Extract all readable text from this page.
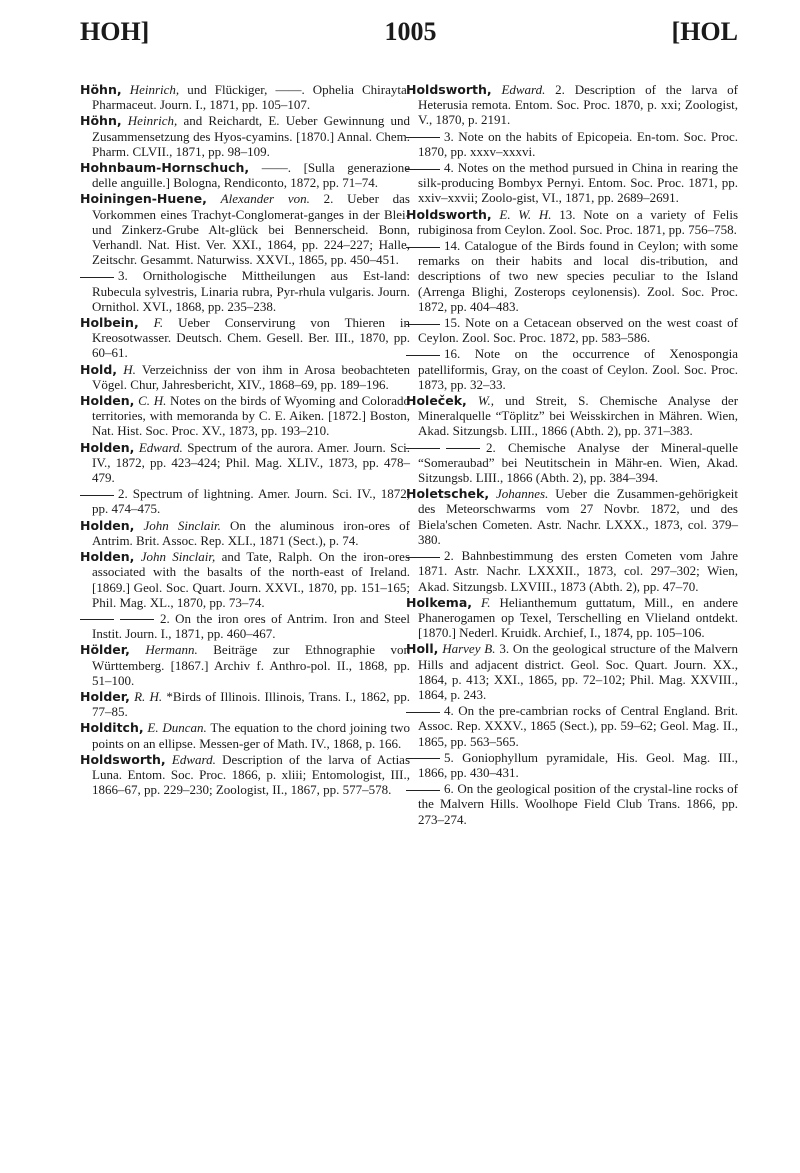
HOH]	1005	[HOL
Höhn, Heinrich, und Flückiger, ——. Ophelia Chirayta. Pharmaceut. Journ. I., 1871, pp. 105–107.
Höhn, Heinrich, and Reichardt, E. Ueber Gewinnung und Zusammensetzung des Hyos-cyamins. [1870.] Annal. Chem. Pharm. CLVII., 1871, pp. 98–109.
Hohnbaum-Hornschuch, ——. [Sulla generazione delle anguille.] Bologna, Rendiconto, 1872, pp. 71–74.
Hoiningen-Huene, Alexander von. 2. Ueber das Vorkommen eines Trachyt-Conglomerat-ganges in der Blei- und Zinkerz-Grube Alt-glück bei Bennerscheid. Bonn, Verhandl. Nat. Hist. Ver. XXI., 1864, pp. 224–227; Halle, Zeitschr. Gesammt. Naturwiss. XXVI., 1865, pp. 450–451.
3. Ornithologische Mittheilungen aus Est-land: Rubecula sylvestris, Linaria rubra, Pyr-rhula vulgaris. Journ. Ornithol. XVI., 1868, pp. 235–238.
Holbein, F. Ueber Conservirung von Thieren in Kreosotwasser. Deutsch. Chem. Gesell. Ber. III., 1870, pp. 60–61.
Hold, H. Verzeichniss der von ihm in Arosa beobachteten Vögel. Chur, Jahresbericht, XIV., 1868–69, pp. 189–196.
Holden, C. H. Notes on the birds of Wyoming and Colorado territories, with memoranda by C. E. Aiken. [1872.] Boston, Nat. Hist. Soc. Proc. XV., 1873, pp. 193–210.
Holden, Edward. Spectrum of the aurora. Amer. Journ. Sci. IV., 1872, pp. 423–424; Phil. Mag. XLIV., 1873, pp. 478–479.
2. Spectrum of lightning. Amer. Journ. Sci. IV., 1872, pp. 474–475.
Holden, John Sinclair. On the aluminous iron-ores of Antrim. Brit. Assoc. Rep. XLI., 1871 (Sect.), p. 74.
Holden, John Sinclair, and Tate, Ralph. On the iron-ores associated with the basalts of the north-east of Ireland. [1869.] Geol. Soc. Quart. Journ. XXVI., 1870, pp. 151–165; Phil. Mag. XL., 1870, pp. 73–74.
2. On the iron ores of Antrim. Iron and Steel Instit. Journ. I., 1871, pp. 460–467.
Hölder, Hermann. Beiträge zur Ethnographie von Württemberg. [1867.] Archiv f. Anthro-pol. II., 1868, pp. 51–100.
Holder, R. H. *Birds of Illinois. Illinois, Trans. I., 1862, pp. 77–85.
Holditch, E. Duncan. The equation to the chord joining two points on an ellipse. Messen-ger of Math. IV., 1868, p. 166.
Holdsworth, Edward. Description of the larva of Actias Luna. Entom. Soc. Proc. 1866, p. xliii; Entomologist, III., 1866–67, pp. 229–230; Zoologist, II., 1867, pp. 577–578.
Holdsworth, Edward. 2. Description of the larva of Heterusia remota. Entom. Soc. Proc. 1870, p. xxi; Zoologist, V., 1870, p. 2191.
3. Note on the habits of Epicopeia. En-tom. Soc. Proc. 1870, pp. xxxv–xxxvi.
4. Notes on the method pursued in China in rearing the silk-producing Bombyx Pernyi. Entom. Soc. Proc. 1871, pp. xxiv–xxvii; Zoolo-gist, VI., 1871, pp. 2689–2691.
Holdsworth, E. W. H. 13. Note on a variety of Felis rubiginosa from Ceylon. Zool. Soc. Proc. 1871, pp. 756–758.
14. Catalogue of the Birds found in Ceylon; with some remarks on their habits and local dis-tribution, and descriptions of two new species peculiar to the Island (Arrenga Blighi, Zosterops ceylonensis). Zool. Soc. Proc. 1872, pp. 404–483.
15. Note on a Cetacean observed on the west coast of Ceylon. Zool. Soc. Proc. 1872, pp. 583–586.
16. Note on the occurrence of Xenospongia patelliformis, Gray, on the coast of Ceylon. Zool. Soc. Proc. 1873, pp. 32–33.
Holeček, W., und Streit, S. Chemische Analyse der Mineralquelle “Töplitz” bei Weisskirchen in Mähren. Wien, Akad. Sitzungsb. LIII., 1866 (Abth. 2), pp. 371–383.
2. Chemische Analyse der Mineral-quelle “Someraubad” bei Neutitschein in Mähr-en. Wien, Akad. Sitzungsb. LIII., 1866 (Abth. 2), pp. 384–394.
Holetschek, Johannes. Ueber die Zusammen-gehörigkeit des Meteorschwarms vom 27 Novbr. 1872, und des Biela'schen Cometen. Astr. Nachr. LXXX., 1873, col. 379–380.
2. Bahnbestimmung des ersten Cometen vom Jahre 1871. Astr. Nachr. LXXXII., 1873, col. 297–302; Wien, Akad. Sitzungsb. LXVIII., 1873 (Abth. 2), pp. 47–70.
Holkema, F. Helianthemum guttatum, Mill., en andere Phanerogamen op Texel, Terschelling en Vlieland ontdekt. [1870.] Nederl. Kruidk. Archief, I., 1874, pp. 105–106.
Holl, Harvey B. 3. On the geological structure of the Malvern Hills and adjacent district. Geol. Soc. Quart. Journ. XX., 1864, p. 413; XXI., 1865, pp. 72–102; Phil. Mag. XXVIII., 1864, p. 243.
4. On the pre-cambrian rocks of Central England. Brit. Assoc. Rep. XXXV., 1865 (Sect.), pp. 59–62; Geol. Mag. II., 1865, pp. 563–565.
5. Goniophyllum pyramidale, His. Geol. Mag. III., 1866, pp. 430–431.
6. On the geological position of the crystal-line rocks of the Malvern Hills. Woolhope Field Club Trans. 1866, pp. 273–274.
